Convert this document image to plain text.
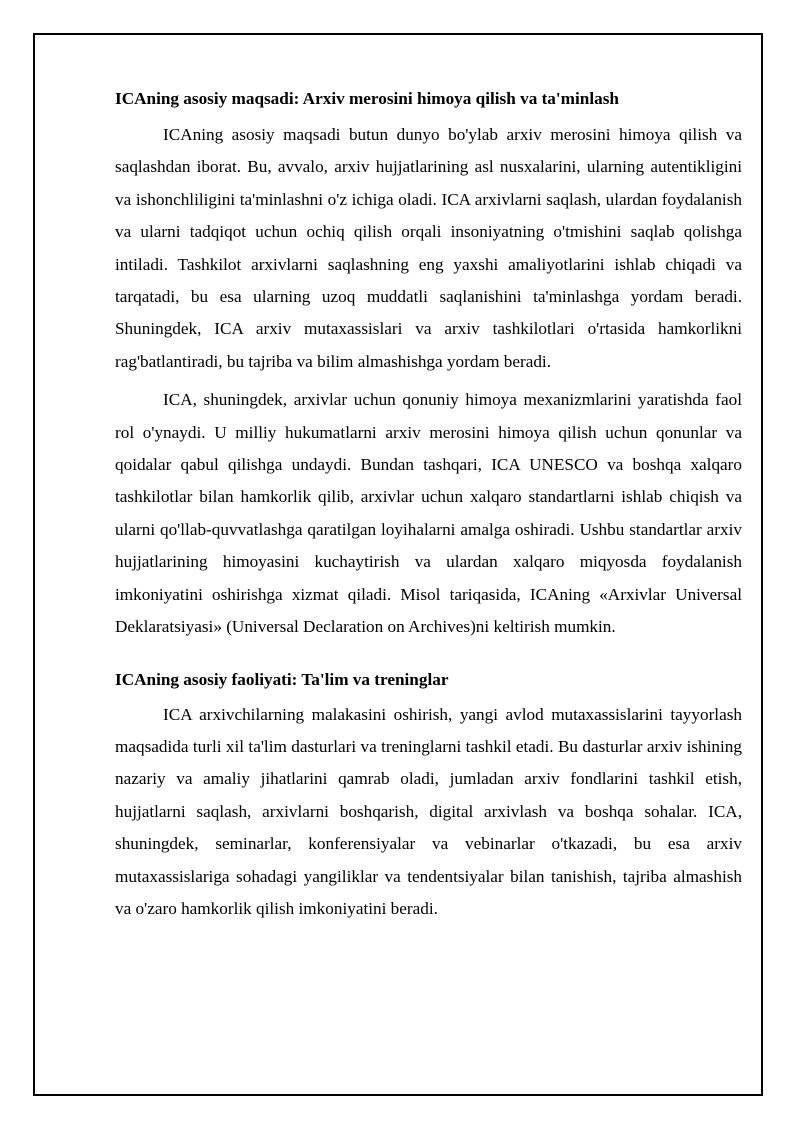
ICAning asosiy maqsadi: Arxiv merosini himoya qilish va ta'minlash

ICAning asosiy maqsadi butun dunyo bo'ylab arxiv merosini himoya qilish va saqlashdan iborat. Bu, avvalo, arxiv hujjatlarining asl nusxalarini, ularning autentikligini va ishonchliligini ta'minlashni o'z ichiga oladi. ICA arxivlarni saqlash, ulardan foydalanish va ularni tadqiqot uchun ochiq qilish orqali insoniyatning o'tmishini saqlab qolishga intiladi. Tashkilot arxivlarni saqlashning eng yaxshi amaliyotlarini ishlab chiqadi va tarqatadi, bu esa ularning uzoq muddatli saqlanishini ta'minlashga yordam beradi. Shuningdek, ICA arxiv mutaxassislari va arxiv tashkilotlari o'rtasida hamkorlikni rag'batlantiradi, bu tajriba va bilim almashishga yordam beradi.

ICA, shuningdek, arxivlar uchun qonuniy himoya mexanizmlarini yaratishda faol rol o'ynaydi. U milliy hukumatlarni arxiv merosini himoya qilish uchun qonunlar va qoidalar qabul qilishga undaydi. Bundan tashqari, ICA UNESCO va boshqa xalqaro tashkilotlar bilan hamkorlik qilib, arxivlar uchun xalqaro standartlarni ishlab chiqish va ularni qo'llab-quvvatlashga qaratilgan loyihalarni amalga oshiradi. Ushbu standartlar arxiv hujjatlarining himoyasini kuchaytirish va ulardan xalqaro miqyosda foydalanish imkoniyatini oshirishga xizmat qiladi. Misol tariqasida, ICAning «Arxivlar Universal Deklaratsiyasi» (Universal Declaration on Archives)ni keltirish mumkin.

ICAning asosiy faoliyati: Ta'lim va treninglar

ICA arxivchilarning malakasini oshirish, yangi avlod mutaxassislarini tayyorlash maqsadida turli xil ta'lim dasturlari va treninglarni tashkil etadi. Bu dasturlar arxiv ishining nazariy va amaliy jihatlarini qamrab oladi, jumladan arxiv fondlarini tashkil etish, hujjatlarni saqlash, arxivlarni boshqarish, digital arxivlash va boshqa sohalar. ICA, shuningdek, seminarlar, konferensiyalar va vebinarlar o'tkazadi, bu esa arxiv mutaxassislariga sohadagi yangiliklar va tendentsiyalar bilan tanishish, tajriba almashish va o'zaro hamkorlik qilish imkoniyatini beradi.
